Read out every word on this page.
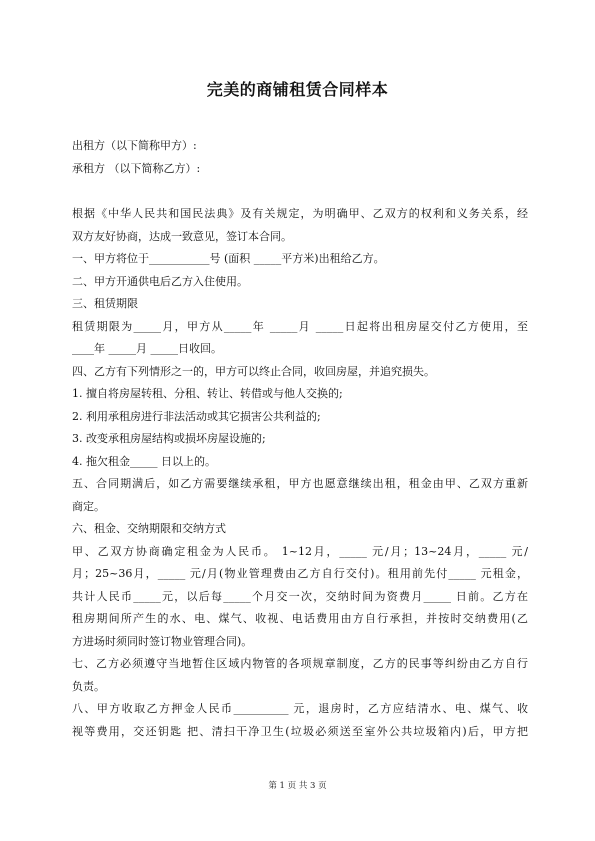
完美的商铺租赁合同样本

出租方（以下简称甲方）:

承租方 （以下简称乙方）:

根据《中华人民共和国民法典》及有关规定，为明确甲、乙双方的权利和义务关系，经

双方友好协商，达成一致意见，签订本合同。

一、甲方将位于___________号 (面积 _____平方米)出租给乙方。

二、甲方开通供电后乙方入住使用。

三、租赁期限

租赁期限为_____月，甲方从_____年 _____月 _____日起将出租房屋交付乙方使用，至

____年 _____月 _____日收回。

四、乙方有下列情形之一的，甲方可以终止合同，收回房屋，并追究损失。

1. 擅自将房屋转租、分租、转让、转借或与他人交换的;

2. 利用承租房进行非法活动或其它损害公共利益的;

3. 改变承租房屋结构或损坏房屋设施的;

4. 拖欠租金_____ 日以上的。

五、合同期满后，如乙方需要继续承租，甲方也愿意继续出租，租金由甲、乙双方重新

商定。

六、租金、交纳期限和交纳方式

甲、乙双方协商确定租金为人民币。 1~12月，_____ 元/月；13~24月，_____ 元/

月；25~36月，_____ 元/月(物业管理费由乙方自行交付)。租用前先付_____ 元租金，

共计人民币_____元，以后每_____个月交一次，交纳时间为资费月_____ 日前。乙方在

租房期间所产生的水、电、煤气、收视、电话费用由方自行承担，并按时交纳费用(乙

方进场时须同时签订物业管理合同)。

七、乙方必须遵守当地暂住区域内物管的各项规章制度，乙方的民事等纠纷由乙方自行

负责。

八、甲方收取乙方押金人民币__________ 元，退房时，乙方应结清水、电、煤气、收

视等费用，交还钥匙 把、清扫干净卫生(垃圾必须送至室外公共垃圾箱内)后，甲方把

第 1 页 共 3 页
